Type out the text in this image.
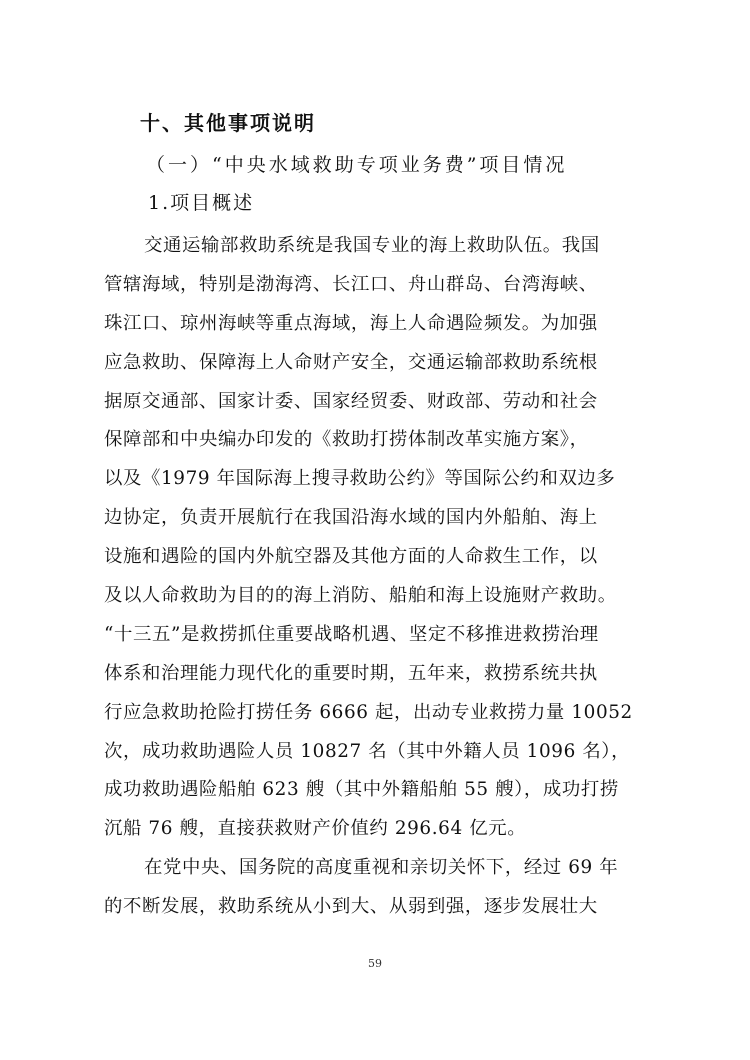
十、其他事项说明
（一）“中央水域救助专项业务费”项目情况
1.项目概述
交通运输部救助系统是我国专业的海上救助队伍。我国
管辖海域，特别是渤海湾、长江口、舟山群岛、台湾海峡、
珠江口、琼州海峡等重点海域，海上人命遇险频发。为加强
应急救助、保障海上人命财产安全，交通运输部救助系统根
据原交通部、国家计委、国家经贸委、财政部、劳动和社会
保障部和中央编办印发的《救助打捞体制改革实施方案》，
以及《1979 年国际海上搜寻救助公约》等国际公约和双边多
边协定，负责开展航行在我国沿海水域的国内外船舶、海上
设施和遇险的国内外航空器及其他方面的人命救生工作，以
及以人命救助为目的的海上消防、船舶和海上设施财产救助。
“十三五”是救捞抓住重要战略机遇、坚定不移推进救捞治理
体系和治理能力现代化的重要时期，五年来，救捞系统共执
行应急救助抢险打捞任务 6666 起，出动专业救捞力量 10052
次，成功救助遇险人员 10827 名（其中外籍人员 1096 名），
成功救助遇险船舶 623 艘（其中外籍船舶 55 艘），成功打捞
沉船 76 艘，直接获救财产价值约 296.64 亿元。
在党中央、国务院的高度重视和亲切关怀下，经过 69 年
的不断发展，救助系统从小到大、从弱到强，逐步发展壮大
59
